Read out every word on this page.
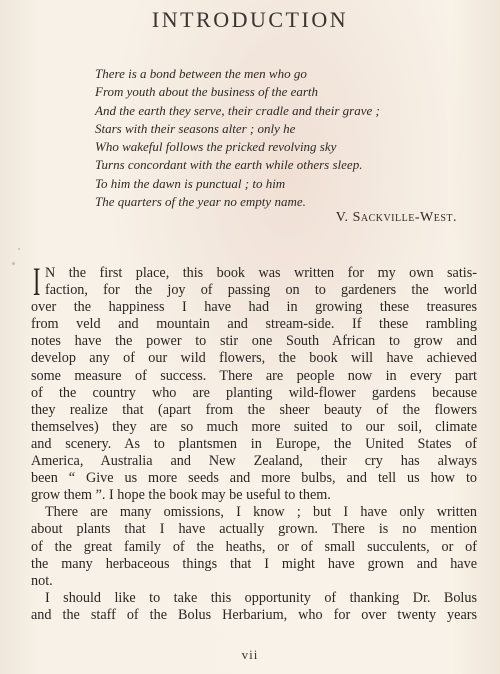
INTRODUCTION
There is a bond between the men who go
From youth about the business of the earth
And the earth they serve, their cradle and their grave ;
Stars with their seasons alter ; only he
Who wakeful follows the pricked revolving sky
Turns concordant with the earth while others sleep.
To him the dawn is punctual ; to him
The quarters of the year no empty name.
V. Sackville-West.
I N the first place, this book was written for my own satis-
faction, for the joy of passing on to gardeners the world
over the happiness I have had in growing these treasures
from veld and mountain and stream-side. If these rambling
notes have the power to stir one South African to grow and
develop any of our wild flowers, the book will have achieved
some measure of success. There are people now in every part
of the country who are planting wild-flower gardens because
they realize that (apart from the sheer beauty of the flowers
themselves) they are so much more suited to our soil, climate
and scenery. As to plantsmen in Europe, the United States of
America, Australia and New Zealand, their cry has always
been “ Give us more seeds and more bulbs, and tell us how to
grow them ”. I hope the book may be useful to them.
There are many omissions, I know ; but I have only written
about plants that I have actually grown. There is no mention
of the great family of the heaths, or of small succulents, or of
the many herbaceous things that I might have grown and have
not.
I should like to take this opportunity of thanking Dr. Bolus
and the staff of the Bolus Herbarium, who for over twenty years
vii
